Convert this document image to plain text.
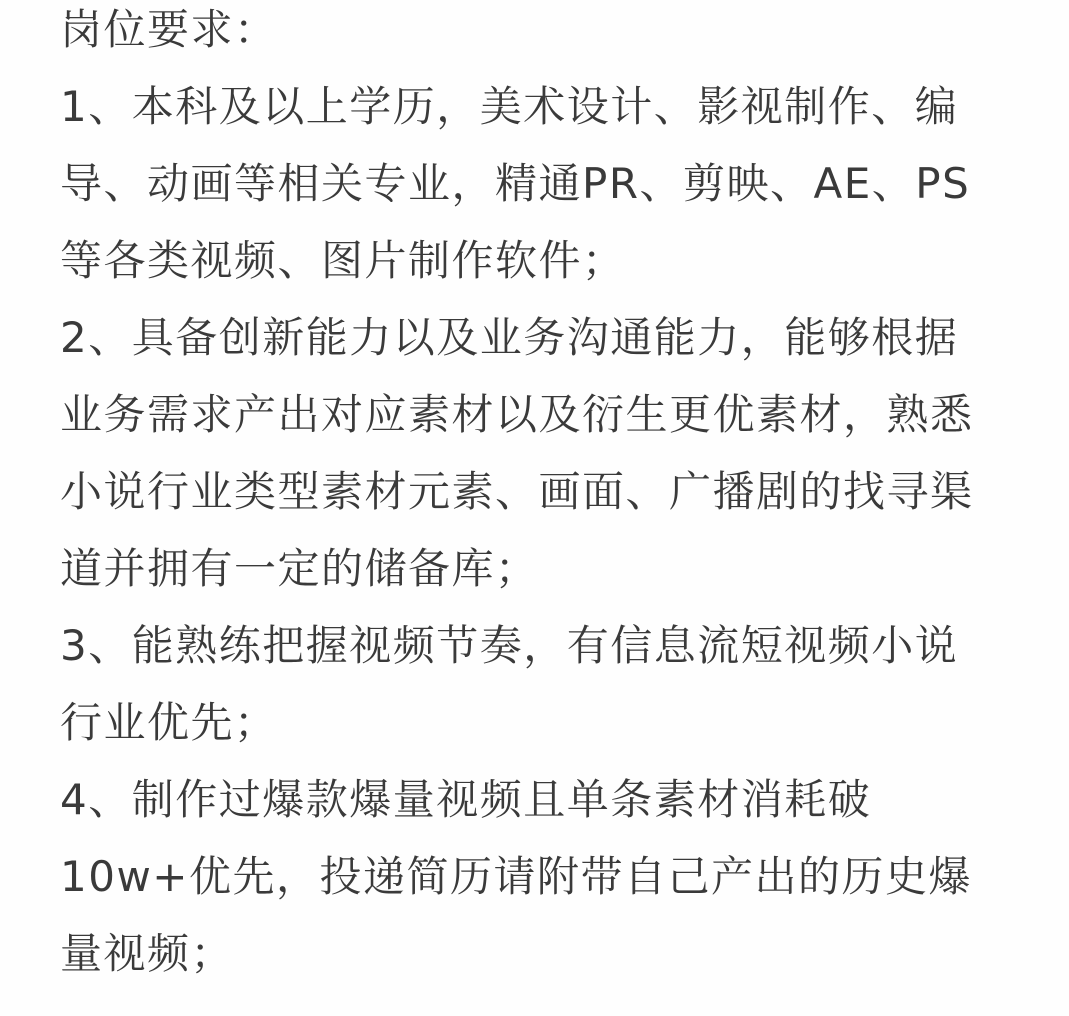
岗位要求：
1、本科及以上学历，美术设计、影视制作、编
导、动画等相关专业，精通PR、剪映、AE、PS
等各类视频、图片制作软件；
2、具备创新能力以及业务沟通能力，能够根据
业务需求产出对应素材以及衍生更优素材，熟悉
小说行业类型素材元素、画面、广播剧的找寻渠
道并拥有一定的储备库；
3、能熟练把握视频节奏，有信息流短视频小说
行业优先；
4、制作过爆款爆量视频且单条素材消耗破
10w+优先，投递简历请附带自己产出的历史爆
量视频；
